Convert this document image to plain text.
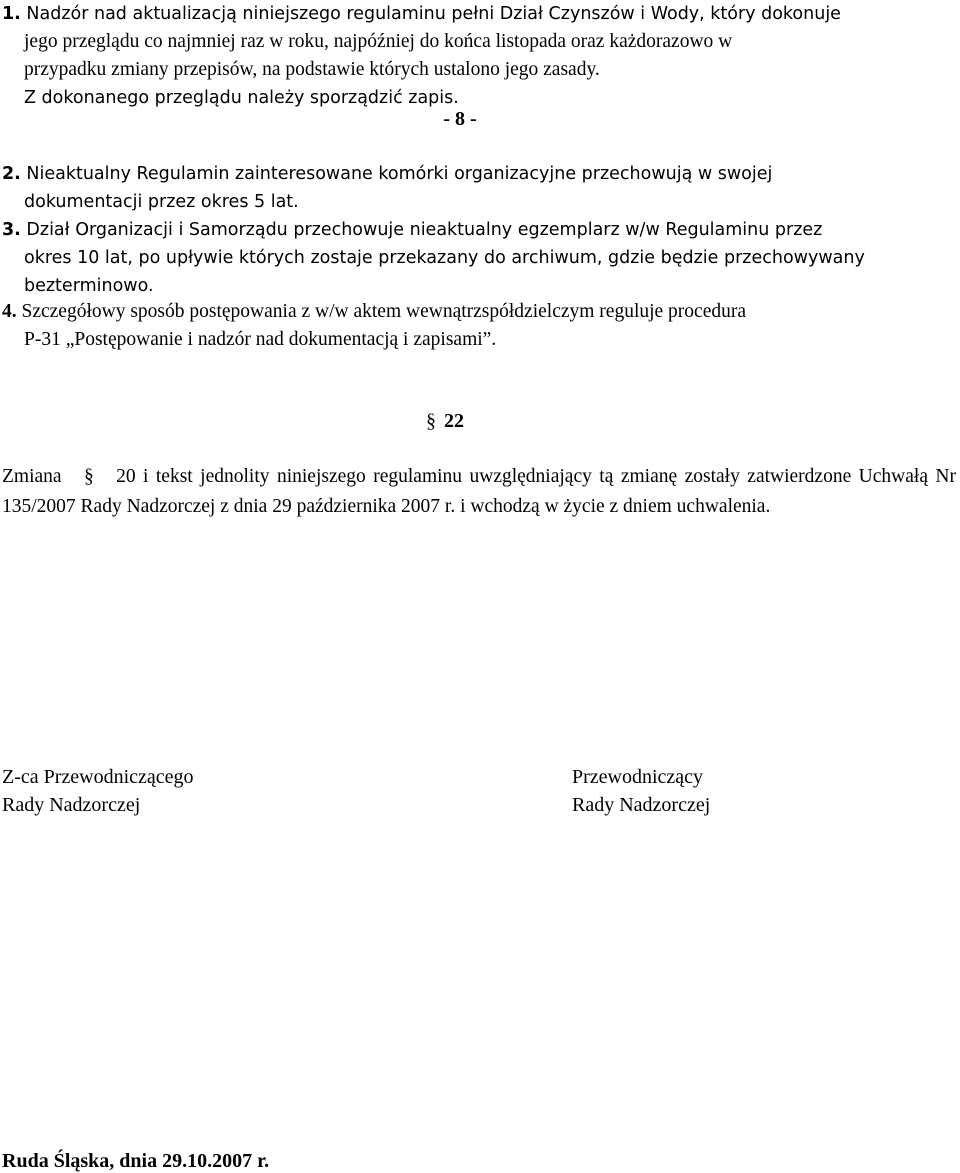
1. Nadzór nad aktualizacją niniejszego regulaminu pełni Dział Czynszów i Wody, który dokonuje
jego przeglądu co najmniej raz w roku, najpóźniej do końca listopada oraz każdorazowo w
przypadku zmiany przepisów, na podstawie których ustalono jego zasady.
Z dokonanego przeglądu należy sporządzić zapis.
- 8 -
2. Nieaktualny Regulamin zainteresowane komórki organizacyjne przechowują w swojej
dokumentacji przez okres 5 lat.
3. Dział Organizacji i Samorządu przechowuje nieaktualny egzemplarz w/w Regulaminu przez
okres 10 lat, po upływie których zostaje przekazany do archiwum, gdzie będzie przechowywany
bezterminowo.
4. Szczegółowy sposób postępowania z w/w aktem wewnątrzspółdzielczym reguluje procedura
P-31 „Postępowanie i nadzór nad dokumentacją i zapisami”.
§ 22
Zmiana § 20 i tekst jednolity niniejszego regulaminu uwzględniający tą zmianę zostały zatwierdzone Uchwałą Nr 135/2007 Rady Nadzorczej z dnia 29 października 2007 r. i wchodzą w życie z dniem uchwalenia.
Z-ca Przewodniczącego
Rady Nadzorczej
Przewodniczący
Rady Nadzorczej
Ruda Śląska, dnia 29.10.2007 r.
